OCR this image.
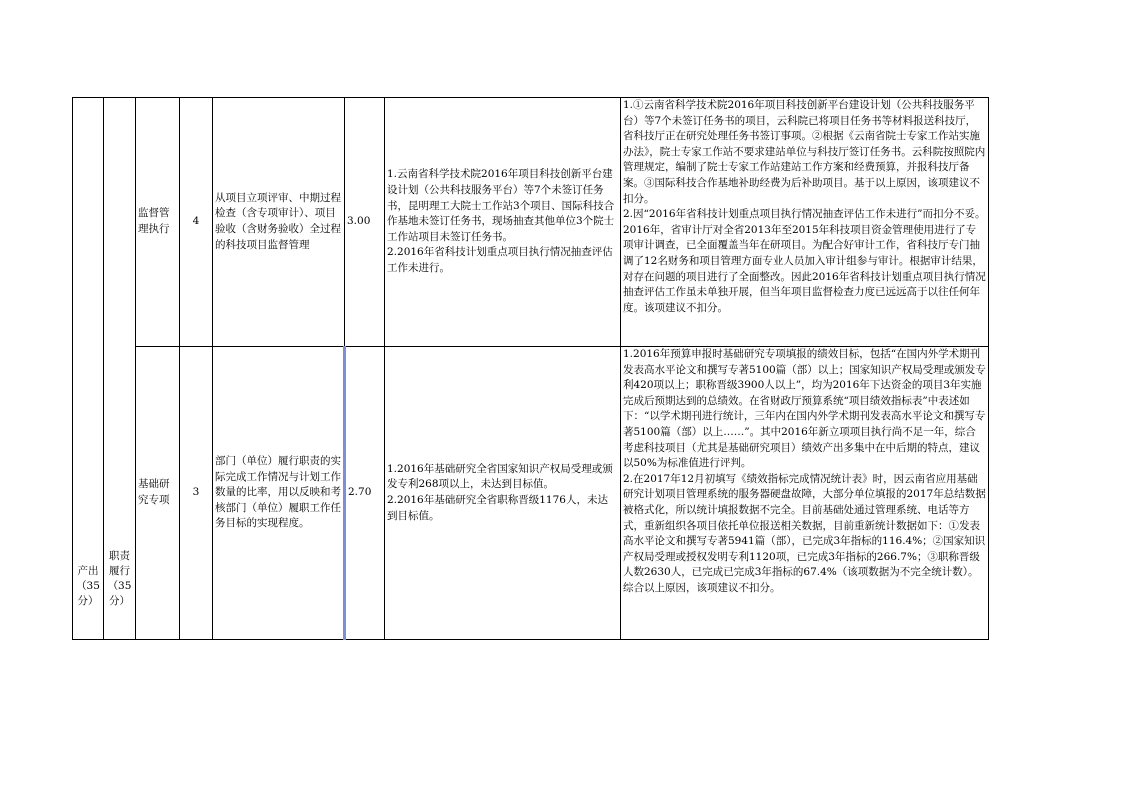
产出（35分）	职责履行（35分）	监督管理执行	4	从项目立项评审、中期过程检查（含专项审计）、项目验收（含财务验收）全过程的科技项目监督管理	3.00	1.云南省科学技术院2016年项目科技创新平台建设计划（公共科技服务平台）等7个未签订任务书，昆明理工大院士工作站3个项目、国际科技合作基地未签订任务书，现场抽查其他单位3个院士工作站项目未签订任务书。
2.2016年省科技计划重点项目执行情况抽查评估工作未进行。	1.①云南省科学技术院2016年项目科技创新平台建设计划（公共科技服务平台）等7个未签订任务书的项目，云科院已将项目任务书等材料报送科技厅，省科技厅正在研究处理任务书签订事项。②根据《云南省院士专家工作站实施办法》，院士专家工作站不要求建站单位与科技厅签订任务书。云科院按照院内管理规定，编制了院士专家工作站建站工作方案和经费预算，并报科技厅备案。③国际科技合作基地补助经费为后补助项目。基于以上原因，该项建议不扣分。
2.因“2016年省科技计划重点项目执行情况抽查评估工作未进行”而扣分不妥。2016年，省审计厅对全省2013年至2015年科技项目资金管理使用进行了专项审计调查，已全面覆盖当年在研项目。为配合好审计工作，省科技厅专门抽调了12名财务和项目管理方面专业人员加入审计组参与审计。根据审计结果，对存在问题的项目进行了全面整改。因此2016年省科技计划重点项目执行情况抽查评估工作虽未单独开展，但当年项目监督检查力度已远远高于以往任何年度。该项建议不扣分。

		基础研究专项	3	部门（单位）履行职责的实际完成工作情况与计划工作数量的比率，用以反映和考核部门（单位）履职工作任务目标的实现程度。	2.70	1.2016年基础研究全省国家知识产权局受理或颁发专利268项以上，未达到目标值。
2.2016年基础研究全省职称晋级1176人，未达到目标值。	1.2016年预算申报时基础研究专项填报的绩效目标，包括“在国内外学术期刊发表高水平论文和撰写专著5100篇（部）以上；国家知识产权局受理或颁发专利420项以上；职称晋级3900人以上”，均为2016年下达资金的项目3年实施完成后预期达到的总绩效。在省财政厅预算系统“项目绩效指标表”中表述如下：“以学术期刊进行统计，三年内在国内外学术期刊发表高水平论文和撰写专著5100篇（部）以上……”。其中2016年新立项项目执行尚不足一年，综合考虑科技项目（尤其是基础研究项目）绩效产出多集中在中后期的特点，建议以50%为标准值进行评判。
2.在2017年12月初填写《绩效指标完成情况统计表》时，因云南省应用基础研究计划项目管理系统的服务器硬盘故障，大部分单位填报的2017年总结数据被格式化，所以统计填报数据不完全。目前基础处通过管理系统、电话等方式，重新组织各项目依托单位报送相关数据，目前重新统计数据如下：①发表高水平论文和撰写专著5941篇（部），已完成3年指标的116.4%；②国家知识产权局受理或授权发明专利1120项，已完成3年指标的266.7%；③职称晋级人数2630人，已完成已完成3年指标的67.4%（该项数据为不完全统计数）。
综合以上原因，该项建议不扣分。
